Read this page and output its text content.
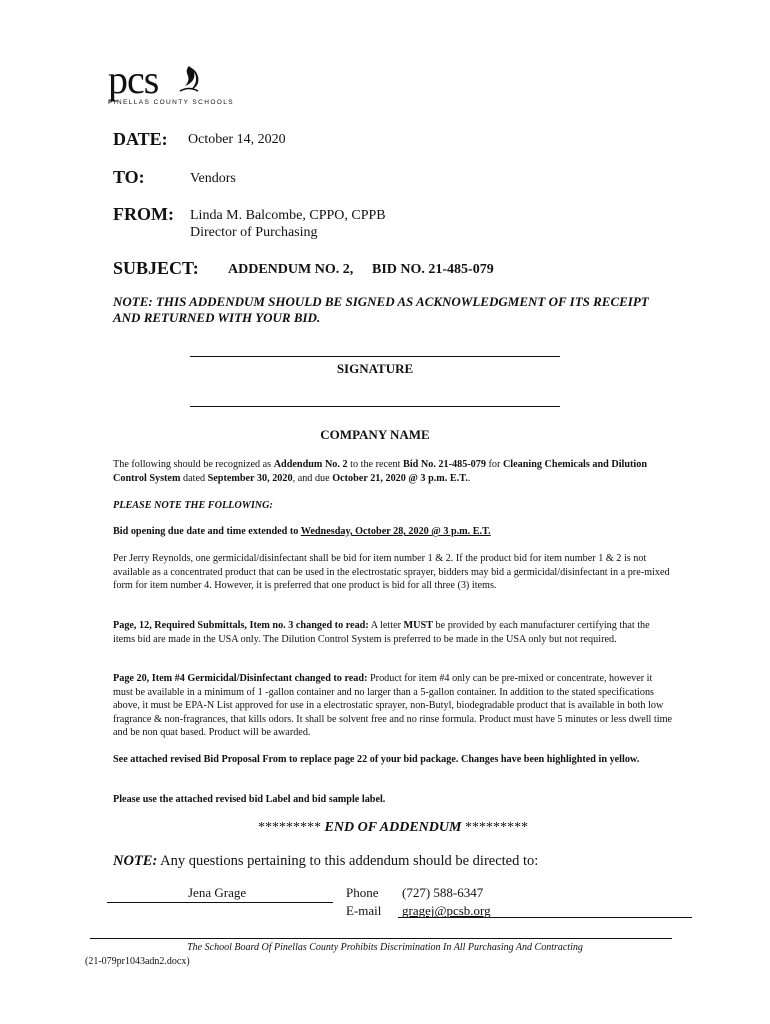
pcs
PINELLAS COUNTY SCHOOLS
DATE: October 14, 2020
TO:	Vendors
FROM: Linda M. Balcombe, CPPO, CPPB
Director of Purchasing
SUBJECT: ADDENDUM NO. 2, BID NO. 21-485-079
NOTE: THIS ADDENDUM SHOULD BE SIGNED AS ACKNOWLEDGMENT OF ITS RECEIPT AND RETURNED WITH YOUR BID.
SIGNATURE
COMPANY NAME
The following should be recognized as Addendum No. 2 to the recent Bid No. 21-485-079 for Cleaning Chemicals and Dilution Control System dated September 30, 2020, and due October 21, 2020 @ 3 p.m. E.T..
PLEASE NOTE THE FOLLOWING:
Bid opening due date and time extended to Wednesday, October 28, 2020 @ 3 p.m. E.T.
Per Jerry Reynolds, one germicidal/disinfectant shall be bid for item number 1 & 2. If the product bid for item number 1 & 2 is not available as a concentrated product that can be used in the electrostatic sprayer, bidders may bid a germicidal/disinfectant in a pre-mixed form for item number 4. However, it is preferred that one product is bid for all three (3) items.
Page, 12, Required Submittals, Item no. 3 changed to read: A letter MUST be provided by each manufacturer certifying that the items bid are made in the USA only. The Dilution Control System is preferred to be made in the USA only but not required.
Page 20, Item #4 Germicidal/Disinfectant changed to read: Product for item #4 only can be pre-mixed or concentrate, however it must be available in a minimum of 1 -gallon container and no larger than a 5-gallon container. In addition to the stated specifications above, it must be EPA-N List approved for use in a electrostatic sprayer, non-Butyl, biodegradable product that is available in both low fragrance & non-fragrances, that kills odors. It shall be solvent free and no rinse formula. Product must have 5 minutes or less dwell time and be non quat based. Product will be awarded.
See attached revised Bid Proposal From to replace page 22 of your bid package. Changes have been highlighted in yellow.
Please use the attached revised bid Label and bid sample label.
********* END OF ADDENDUM *********
NOTE: Any questions pertaining to this addendum should be directed to:
Jena Grage	Phone (727) 588-6347
E-mail gragej@pcsb.org
The School Board Of Pinellas County Prohibits Discrimination In All Purchasing And Contracting
(21-079pr1043adn2.docx)
